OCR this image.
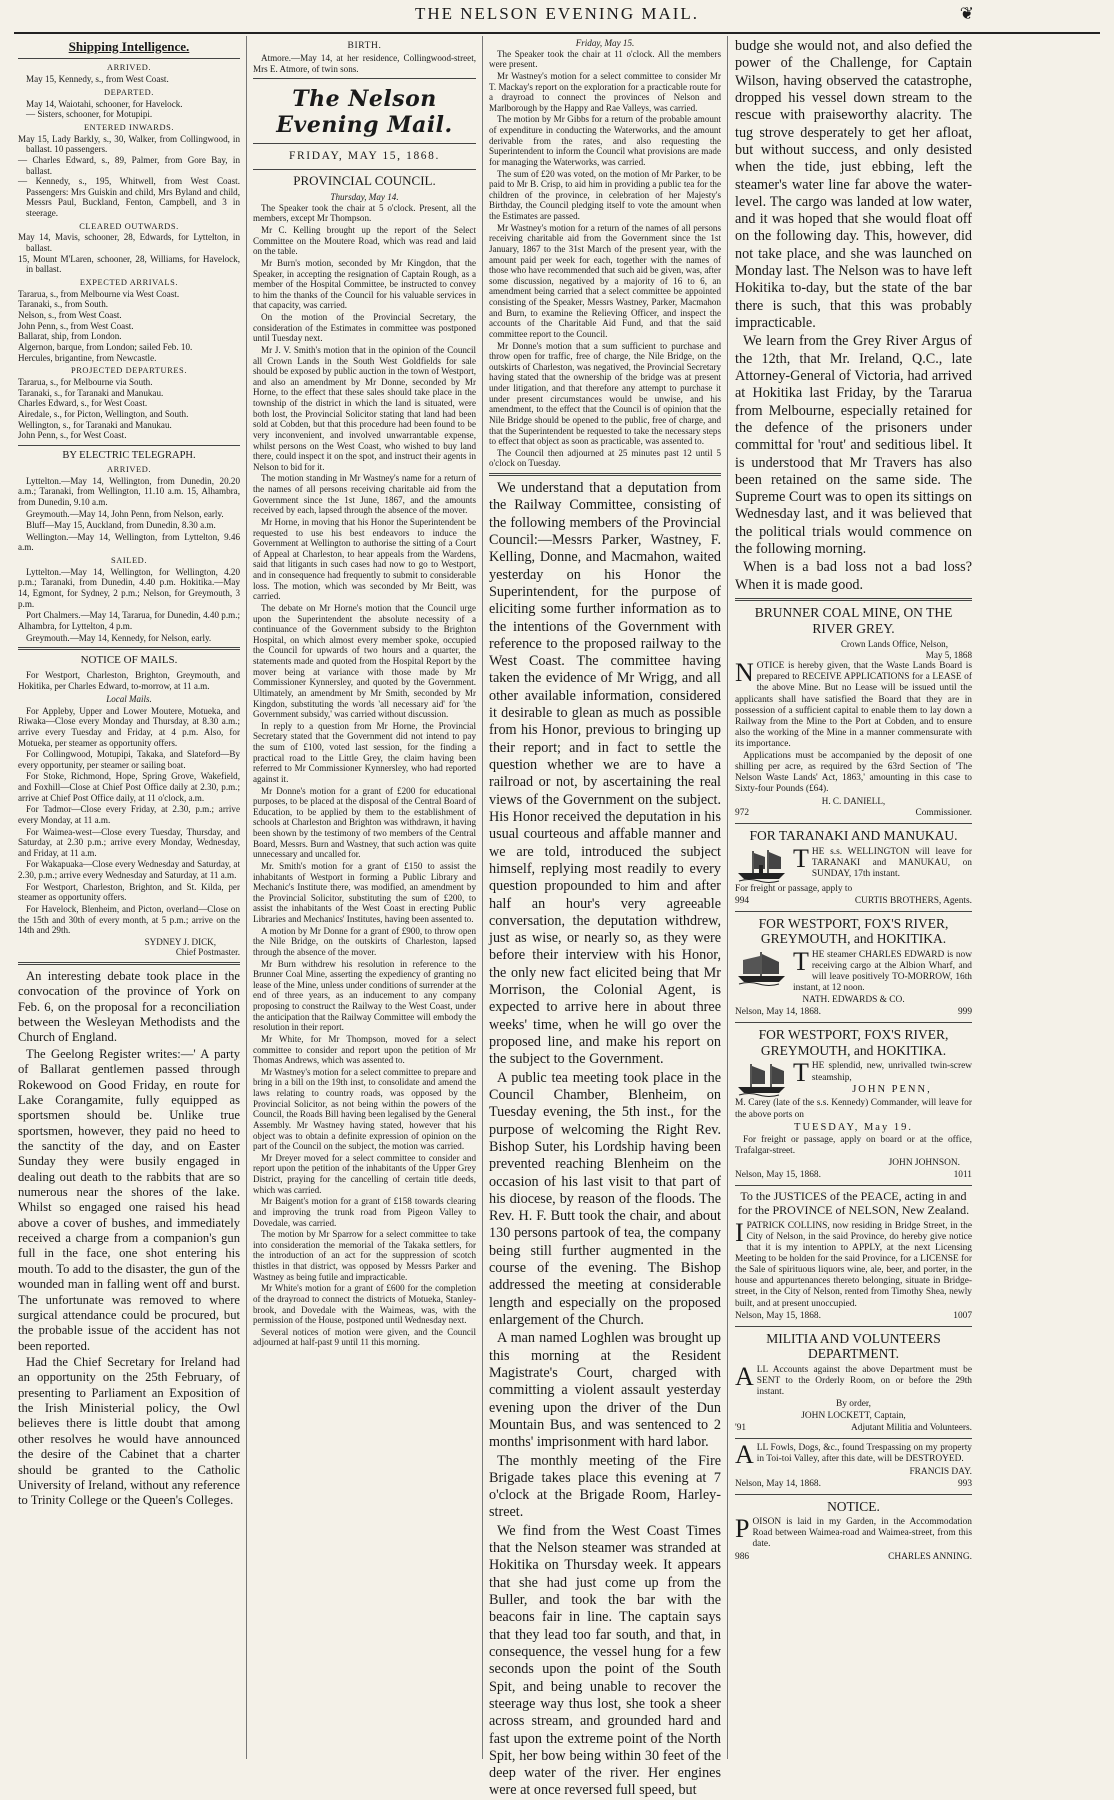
THE NELSON EVENING MAIL.	❦
Shipping Intelligence.
ARRIVED.

May 15, Kennedy, s., from West Coast.

DEPARTED.

May 14, Waiotahi, schooner, for Havelock.

— Sisters, schooner, for Motupipi.

ENTERED INWARDS.

May 15, Lady Barkly, s., 30, Walker, from Collingwood, in ballast. 10 passengers.

— Charles Edward, s., 89, Palmer, from Gore Bay, in ballast.

— Kennedy, s., 195, Whitwell, from West Coast. Passengers: Mrs Guiskin and child, Mrs Byland and child, Messrs Paul, Buckland, Fenton, Campbell, and 3 in steerage.

CLEARED OUTWARDS.

May 14, Mavis, schooner, 28, Edwards, for Lyttelton, in ballast.

15, Mount M'Laren, schooner, 28, Williams, for Havelock, in ballast.

EXPECTED ARRIVALS.

Tararua, s., from Melbourne via West Coast.

Taranaki, s., from South.

Nelson, s., from West Coast.

John Penn, s., from West Coast.

Ballarat, ship, from London.

Algernon, barque, from London; sailed Feb. 10.

Hercules, brigantine, from Newcastle.

PROJECTED DEPARTURES.

Tararua, s., for Melbourne via South.

Taranaki, s., for Taranaki and Manukau.

Charles Edward, s., for West Coast.

Airedale, s., for Picton, Wellington, and South.

Wellington, s., for Taranaki and Manukau.

John Penn, s., for West Coast.

BY ELECTRIC TELEGRAPH.
ARRIVED.

Lyttelton.—May 14, Wellington, from Dunedin, 20.20 a.m.; Taranaki, from Wellington, 11.10 a.m. 15, Alhambra, from Dunedin, 9.10 a.m.

Greymouth.—May 14, John Penn, from Nelson, early.

Bluff—May 15, Auckland, from Dunedin, 8.30 a.m.

Wellington.—May 14, Wellington, from Lyttelton, 9.46 a.m.

SAILED.

Lyttelton.—May 14, Wellington, for Wellington, 4.20 p.m.; Taranaki, from Dunedin, 4.40 p.m. Hokitika.—May 14, Egmont, for Sydney, 2 p.m.; Nelson, for Greymouth, 3 p.m.

Port Chalmers.—May 14, Tararua, for Dunedin, 4.40 p.m.; Alhambra, for Lyttelton, 4 p.m.

Greymouth.—May 14, Kennedy, for Nelson, early.

NOTICE OF MAILS.

For Westport, Charleston, Brighton, Greymouth, and Hokitika, per Charles Edward, to-morrow, at 11 a.m.

Local Mails.

For Appleby, Upper and Lower Moutere, Motueka, and Riwaka—Close every Monday and Thursday, at 8.30 a.m.; arrive every Tuesday and Friday, at 4 p.m. Also, for Motueka, per steamer as opportunity offers.

For Collingwood, Motupipi, Takaka, and Slateford—By every opportunity, per steamer or sailing boat.

For Stoke, Richmond, Hope, Spring Grove, Wakefield, and Foxhill—Close at Chief Post Office daily at 2.30, p.m.; arrive at Chief Post Office daily, at 11 o'clock, a.m.

For Tadmor—Close every Friday, at 2.30, p.m.; arrive every Monday, at 11 a.m.

For Waimea-west—Close every Tuesday, Thursday, and Saturday, at 2.30 p.m.; arrive every Monday, Wednesday, and Friday, at 11 a.m.

For Wakapuaka—Close every Wednesday and Saturday, at 2.30, p.m.; arrive every Wednesday and Saturday, at 11 a.m.

For Westport, Charleston, Brighton, and St. Kilda, per steamer as opportunity offers.

For Havelock, Blenheim, and Picton, overland—Close on the 15th and 30th of every month, at 5 p.m.; arrive on the 14th and 29th.

SYDNEY J. DICK,

Chief Postmaster.

An interesting debate took place in the convocation of the province of York on Feb. 6, on the proposal for a reconciliation between the Wesleyan Methodists and the Church of England.

The Geelong Register writes:—' A party of Ballarat gentlemen passed through Rokewood on Good Friday, en route for Lake Corangamite, fully equipped as sportsmen should be. Unlike true sportsmen, however, they paid no heed to the sanctity of the day, and on Easter Sunday they were busily engaged in dealing out death to the rabbits that are so numerous near the shores of the lake. Whilst so engaged one raised his head above a cover of bushes, and immediately received a charge from a companion's gun full in the face, one shot entering his mouth. To add to the disaster, the gun of the wounded man in falling went off and burst. The unfortunate was removed to where surgical attendance could be procured, but the probable issue of the accident has not been reported.

Had the Chief Secretary for Ireland had an opportunity on the 25th February, of presenting to Parliament an Exposition of the Irish Ministerial policy, the Owl believes there is little doubt that among other resolves he would have announced the desire of the Cabinet that a charter should be granted to the Catholic University of Ireland, without any reference to Trinity College or the Queen's Colleges.

BIRTH.

Atmore.—May 14, at her residence, Collingwood-street, Mrs E. Atmore, of twin sons.

The Nelson Evening Mail.
FRIDAY, MAY 15, 1868.
PROVINCIAL COUNCIL.
Thursday, May 14.

The Speaker took the chair at 5 o'clock. Present, all the members, except Mr Thompson.

Mr C. Kelling brought up the report of the Select Committee on the Moutere Road, which was read and laid on the table.

Mr Burn's motion, seconded by Mr Kingdon, that the Speaker, in accepting the resignation of Captain Rough, as a member of the Hospital Committee, be instructed to convey to him the thanks of the Council for his valuable services in that capacity, was carried.

On the motion of the Provincial Secretary, the consideration of the Estimates in committee was postponed until Tuesday next.

Mr J. V. Smith's motion that in the opinion of the Council all Crown Lands in the South West Goldfields for sale should be exposed by public auction in the town of Westport, and also an amendment by Mr Donne, seconded by Mr Horne, to the effect that these sales should take place in the township of the district in which the land is situated, were both lost, the Provincial Solicitor stating that land had been sold at Cobden, but that this procedure had been found to be very inconvenient, and involved unwarrantable expense, whilst persons on the West Coast, who wished to buy land there, could inspect it on the spot, and instruct their agents in Nelson to bid for it.

The motion standing in Mr Wastney's name for a return of the names of all persons receiving charitable aid from the Government since the 1st June, 1867, and the amounts received by each, lapsed through the absence of the mover.

Mr Horne, in moving that his Honor the Superintendent be requested to use his best endeavors to induce the Government at Wellington to authorise the sitting of a Court of Appeal at Charleston, to hear appeals from the Wardens, said that litigants in such cases had now to go to Westport, and in consequence had frequently to submit to considerable loss. The motion, which was seconded by Mr Beitt, was carried.

The debate on Mr Horne's motion that the Council urge upon the Superintendent the absolute necessity of a continuance of the Government subsidy to the Brighton Hospital, on which almost every member spoke, occupied the Council for upwards of two hours and a quarter, the statements made and quoted from the Hospital Report by the mover being at variance with those made by Mr Commissioner Kynnersley, and quoted by the Government. Ultimately, an amendment by Mr Smith, seconded by Mr Kingdon, substituting the words 'all necessary aid' for 'the Government subsidy,' was carried without discussion.

In reply to a question from Mr Horne, the Provincial Secretary stated that the Government did not intend to pay the sum of £100, voted last session, for the finding a practical road to the Little Grey, the claim having been referred to Mr Commissioner Kynnersley, who had reported against it.

Mr Donne's motion for a grant of £200 for educational purposes, to be placed at the disposal of the Central Board of Education, to be applied by them to the establishment of schools at Charleston and Brighton was withdrawn, it having been shown by the testimony of two members of the Central Board, Messrs. Burn and Wastney, that such action was quite unnecessary and uncalled for.

Mr. Smith's motion for a grant of £150 to assist the inhabitants of Westport in forming a Public Library and Mechanic's Institute there, was modified, an amendment by the Provincial Solicitor, substituting the sum of £200, to assist the inhabitants of the West Coast in erecting Public Libraries and Mechanics' Institutes, having been assented to.

A motion by Mr Donne for a grant of £900, to throw open the Nile Bridge, on the outskirts of Charleston, lapsed through the absence of the mover.

Mr Burn withdrew his resolution in reference to the Brunner Coal Mine, asserting the expediency of granting no lease of the Mine, unless under conditions of surrender at the end of three years, as an inducement to any company proposing to construct the Railway to the West Coast, under the anticipation that the Railway Committee will embody the resolution in their report.

Mr White, for Mr Thompson, moved for a select committee to consider and report upon the petition of Mr Thomas Andrews, which was assented to.

Mr Wastney's motion for a select committee to prepare and bring in a bill on the 19th inst, to consolidate and amend the laws relating to country roads, was opposed by the Provincial Solicitor, as not being within the powers of the Council, the Roads Bill having been legalised by the General Assembly. Mr Wastney having stated, however that his object was to obtain a definite expression of opinion on the part of the Council on the subject, the motion was carried.

Mr Dreyer moved for a select committee to consider and report upon the petition of the inhabitants of the Upper Grey District, praying for the cancelling of certain title deeds, which was carried.

Mr Baigent's motion for a grant of £158 towards clearing and improving the trunk road from Pigeon Valley to Dovedale, was carried.

The motion by Mr Sparrow for a select committee to take into consideration the memorial of the Takaka settlers, for the introduction of an act for the suppression of scotch thistles in that district, was opposed by Messrs Parker and Wastney as being futile and impracticable.

Mr White's motion for a grant of £600 for the completion of the drayroad to connect the districts of Motueka, Stanley-brook, and Dovedale with the Waimeas, was, with the permission of the House, postponed until Wednesday next.

Several notices of motion were given, and the Council adjourned at half-past 9 until 11 this morning.

Friday, May 15.

The Speaker took the chair at 11 o'clock. All the members were present.

Mr Wastney's motion for a select committee to consider Mr T. Mackay's report on the exploration for a practicable route for a drayroad to connect the provinces of Nelson and Marlborough by the Happy and Rae Valleys, was carried.

The motion by Mr Gibbs for a return of the probable amount of expenditure in conducting the Waterworks, and the amount derivable from the rates, and also requesting the Superintendent to inform the Council what provisions are made for managing the Waterworks, was carried.

The sum of £20 was voted, on the motion of Mr Parker, to be paid to Mr B. Crisp, to aid him in providing a public tea for the children of the province, in celebration of her Majesty's Birthday, the Council pledging itself to vote the amount when the Estimates are passed.

Mr Wastney's motion for a return of the names of all persons receiving charitable aid from the Government since the 1st January, 1867 to the 31st March of the present year, with the amount paid per week for each, together with the names of those who have recommended that such aid be given, was, after some discussion, negatived by a majority of 16 to 6, an amendment being carried that a select committee be appointed consisting of the Speaker, Messrs Wastney, Parker, Macmahon and Burn, to examine the Relieving Officer, and inspect the accounts of the Charitable Aid Fund, and that the said committee report to the Council.

Mr Donne's motion that a sum sufficient to purchase and throw open for traffic, free of charge, the Nile Bridge, on the outskirts of Charleston, was negatived, the Provincial Secretary having stated that the ownership of the bridge was at present under litigation, and that therefore any attempt to purchase it under present circumstances would be unwise, and his amendment, to the effect that the Council is of opinion that the Nile Bridge should be opened to the public, free of charge, and that the Superintendent be requested to take the necessary steps to effect that object as soon as practicable, was assented to.

The Council then adjourned at 25 minutes past 12 until 5 o'clock on Tuesday.

We understand that a deputation from the Railway Committee, consisting of the following members of the Provincial Council:—Messrs Parker, Wastney, F. Kelling, Donne, and Macmahon, waited yesterday on his Honor the Superintendent, for the purpose of eliciting some further information as to the intentions of the Government with reference to the proposed railway to the West Coast. The committee having taken the evidence of Mr Wrigg, and all other available information, considered it desirable to glean as much as possible from his Honor, previous to bringing up their report; and in fact to settle the question whether we are to have a railroad or not, by ascertaining the real views of the Government on the subject. His Honor received the deputation in his usual courteous and affable manner and we are told, introduced the subject himself, replying most readily to every question propounded to him and after half an hour's very agreeable conversation, the deputation withdrew, just as wise, or nearly so, as they were before their interview with his Honor, the only new fact elicited being that Mr Morrison, the Colonial Agent, is expected to arrive here in about three weeks' time, when he will go over the proposed line, and make his report on the subject to the Government.

A public tea meeting took place in the Council Chamber, Blenheim, on Tuesday evening, the 5th inst., for the purpose of welcoming the Right Rev. Bishop Suter, his Lordship having been prevented reaching Blenheim on the occasion of his last visit to that part of his diocese, by reason of the floods. The Rev. H. F. Butt took the chair, and about 130 persons partook of tea, the company being still further augmented in the course of the evening. The Bishop addressed the meeting at considerable length and especially on the proposed enlargement of the Church.

A man named Loghlen was brought up this morning at the Resident Magistrate's Court, charged with committing a violent assault yesterday evening upon the driver of the Dun Mountain Bus, and was sentenced to 2 months' imprisonment with hard labor.

The monthly meeting of the Fire Brigade takes place this evening at 7 o'clock at the Brigade Room, Harley-street.

We find from the West Coast Times that the Nelson steamer was stranded at Hokitika on Thursday week. It appears that she had just come up from the Buller, and took the bar with the beacons fair in line. The captain says that they lead too far south, and that, in consequence, the vessel hung for a few seconds upon the point of the South Spit, and being unable to recover the steerage way thus lost, she took a sheer across stream, and grounded hard and fast upon the extreme point of the North Spit, her bow being within 30 feet of the deep water of the river. Her engines were at once reversed full speed, but

budge she would not, and also defied the power of the Challenge, for Captain Wilson, having observed the catastrophe, dropped his vessel down stream to the rescue with praiseworthy alacrity. The tug strove desperately to get her afloat, but without success, and only desisted when the tide, just ebbing, left the steamer's water line far above the water-level. The cargo was landed at low water, and it was hoped that she would float off on the following day. This, however, did not take place, and she was launched on Monday last. The Nelson was to have left Hokitika to-day, but the state of the bar there is such, that this was probably impracticable.

We learn from the Grey River Argus of the 12th, that Mr. Ireland, Q.C., late Attorney-General of Victoria, had arrived at Hokitika last Friday, by the Tararua from Melbourne, especially retained for the defence of the prisoners under committal for 'rout' and seditious libel. It is understood that Mr Travers has also been retained on the same side. The Supreme Court was to open its sittings on Wednesday last, and it was believed that the political trials would commence on the following morning.

When is a bad loss not a bad loss? When it is made good.

BRUNNER COAL MINE, ON THE RIVER GREY.
Crown Lands Office, Nelson,
May 5, 1868
N OTICE is hereby given, that the Waste Lands Board is prepared to RECEIVE APPLICATIONS for a LEASE of the above Mine. But no Lease will be issued until the applicants shall have satisfied the Board that they are in possession of a sufficient capital to enable them to lay down a Railway from the Mine to the Port at Cobden, and to ensure also the working of the Mine in a manner commensurate with its importance.

Applications must be accompanied by the deposit of one shilling per acre, as required by the 63rd Section of 'The Nelson Waste Lands' Act, 1863,' amounting in this case to Sixty-four Pounds (£64).

H. C. DANIELL,
972	Commissioner.
FOR TARANAKI AND MANUKAU.
T HE s.s. WELLINGTON will leave for TARANAKI and MANUKAU, on SUNDAY, 17th instant.
For freight or passage, apply to
994	CURTIS BROTHERS, Agents.
FOR WESTPORT, FOX'S RIVER, GREYMOUTH, and HOKITIKA.
T HE steamer CHARLES EDWARD is now receiving cargo at the Albion Wharf, and will leave positively TO-MORROW, 16th instant, at 12 noon.
NATH. EDWARDS & CO.
Nelson, May 14, 1868.	999
FOR WESTPORT, FOX'S RIVER, GREYMOUTH, and HOKITIKA.
T HE splendid, new, unrivalled twin-screw steamship,
JOHN PENN,
M. Carey (late of the s.s. Kennedy) Commander, will leave for the above ports on
TUESDAY, May 19.

For freight or passage, apply on board or at the office, Trafalgar-street.

JOHN JOHNSON.
Nelson, May 15, 1868.	1011
To the JUSTICES of the PEACE, acting in and for the PROVINCE of NELSON, New Zealand.
I PATRICK COLLINS, now residing in Bridge Street, in the City of Nelson, in the said Province, do hereby give notice that it is my intention to APPLY, at the next Licensing Meeting to be holden for the said Province, for a LICENSE for the Sale of spirituous liquors wine, ale, beer, and porter, in the house and appurtenances thereto belonging, situate in Bridge-street, in the City of Nelson, rented from Timothy Shea, newly built, and at present unoccupied.
Nelson, May 15, 1868.	1007
MILITIA AND VOLUNTEERS DEPARTMENT.
A LL Accounts against the above Department must be SENT to the Orderly Room, on or before the 29th instant.
By order,
JOHN LOCKETT, Captain,
'91	Adjutant Militia and Volunteers.
A LL Fowls, Dogs, &c., found Trespassing on my property in Toi-toi Valley, after this date, will be DESTROYED.
FRANCIS DAY.
Nelson, May 14, 1868.	993
NOTICE.
P OISON is laid in my Garden, in the Accommodation Road between Waimea-road and Waimea-street, from this date.
986	CHARLES ANNING.
